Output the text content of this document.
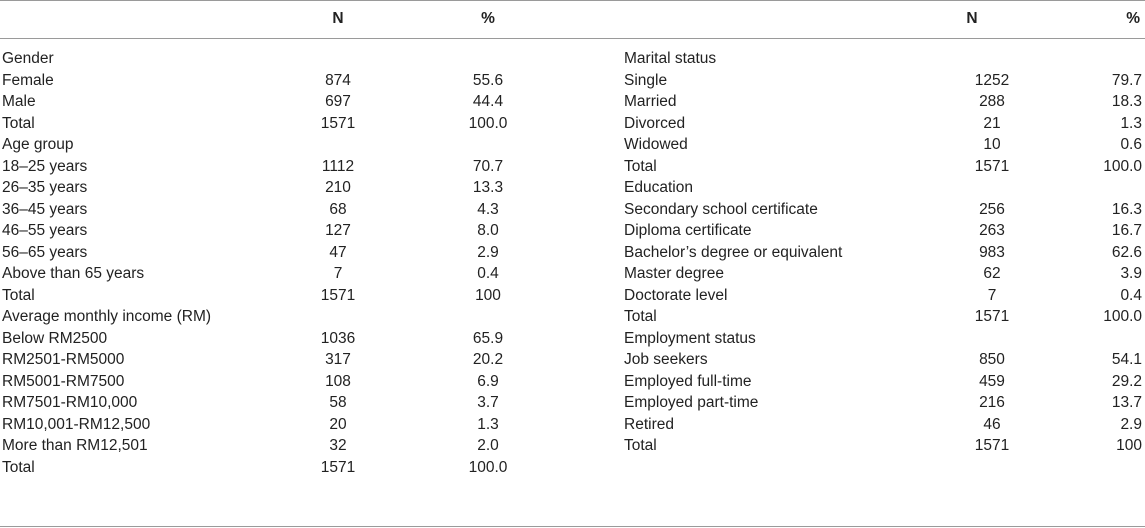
N	%	N	%
Gender
Female	874	55.6
Male	697	44.4
Total	1571	100.0
Age group
18–25 years	1112	70.7
26–35 years	210	13.3
36–45 years	68	4.3
46–55 years	127	8.0
56–65 years	47	2.9
Above than 65 years	7	0.4
Total	1571	100
Average monthly income (RM)
Below RM2500	1036	65.9
RM2501-RM5000	317	20.2
RM5001-RM7500	108	6.9
RM7501-RM10,000	58	3.7
RM10,001-RM12,500	20	1.3
More than RM12,501	32	2.0
Total	1571	100.0
Marital status
Single	1252	79.7
Married	288	18.3
Divorced	21	1.3
Widowed	10	0.6
Total	1571	100.0
Education
Secondary school certificate	256	16.3
Diploma certificate	263	16.7
Bachelor’s degree or equivalent	983	62.6
Master degree	62	3.9
Doctorate level	7	0.4
Total	1571	100.0
Employment status
Job seekers	850	54.1
Employed full-time	459	29.2
Employed part-time	216	13.7
Retired	46	2.9
Total	1571	100
